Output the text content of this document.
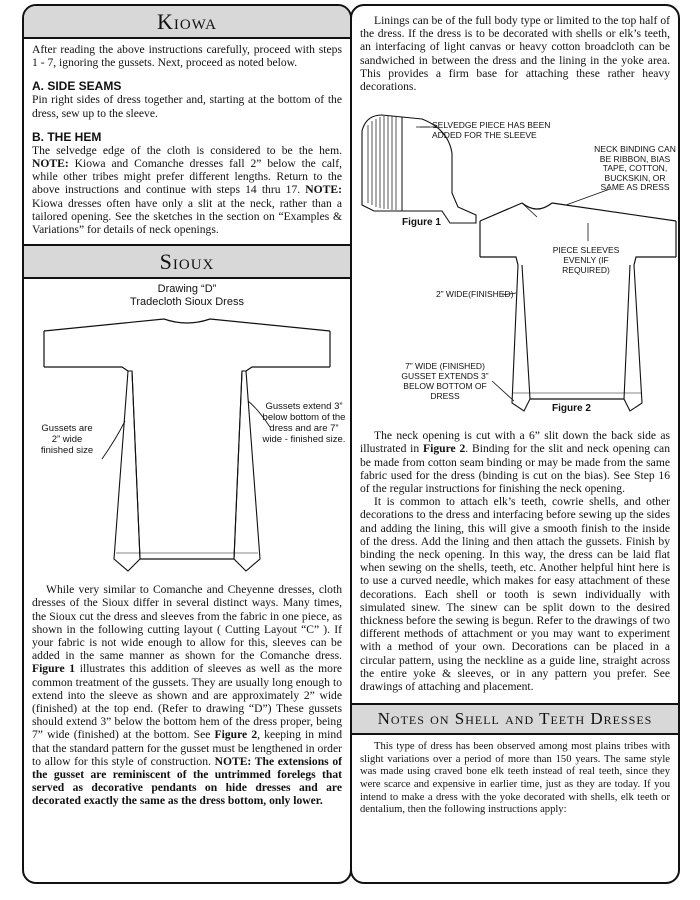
Kiowa

After reading the above instructions carefully, proceed with steps 1 - 7, ignoring the gussets. Next, proceed as noted below.

A. SIDE SEAMS

Pin right sides of dress together and, starting at the bottom of the dress, sew up to the sleeve.

B. THE HEM

The selvedge edge of the cloth is considered to be the hem. NOTE: Kiowa and Comanche dresses fall 2” below the calf, while other tribes might prefer different lengths. Return to the above instructions and continue with steps 14 thru 17. NOTE: Kiowa dresses often have only a slit at the neck, rather than a tailored opening. See the sketches in the section on “Examples & Variations” for details of neck openings.

Sioux

Drawing “D”

Tradecloth Sioux Dress

Gussets are 2” wide finished size
Gussets extend 3” below bottom of the dress and are 7” wide - finished size.

While very similar to Comanche and Cheyenne dresses, cloth dresses of the Sioux differ in several distinct ways. Many times, the Sioux cut the dress and sleeves from the fabric in one piece, as shown in the following cutting layout ( Cutting Layout “C” ). If your fabric is not wide enough to allow for this, sleeves can be added in the same manner as shown for the Comanche dress. Figure 1 illustrates this addition of sleeves as well as the more common treatment of the gussets. They are usually long enough to extend into the sleeve as shown and are approximately 2” wide (finished) at the top end. (Refer to drawing “D”) These gussets should extend 3” below the bottom hem of the dress proper, being 7” wide (finished) at the bottom. See Figure 2, keeping in mind that the standard pattern for the gusset must be lengthened in order to allow for this style of construction. NOTE: The extensions of the gusset are reminiscent of the untrimmed forelegs that served as decorative pendants on hide dresses and are decorated exactly the same as the dress bottom, only lower.

Linings can be of the full body type or limited to the top half of the dress. If the dress is to be decorated with shells or elk’s teeth, an interfacing of light canvas or heavy cotton broadcloth can be sandwiched in between the dress and the lining in the yoke area. This provides a firm base for attaching these rather heavy decorations.

SELVEDGE PIECE HAS BEEN ADDED FOR THE SLEEVE
Figure 1
NECK BINDING CAN BE RIBBON, BIAS TAPE, COTTON, BUCKSKIN, OR SAME AS DRESS
PIECE SLEEVES EVENLY (IF REQUIRED)
2” WIDE(FINISHED)
7” WIDE (FINISHED) GUSSET EXTENDS 3” BELOW BOTTOM OF DRESS
Figure 2

The neck opening is cut with a 6” slit down the back side as illustrated in Figure 2. Binding for the slit and neck opening can be made from cotton seam binding or may be made from the same fabric used for the dress (binding is cut on the bias). See Step 16 of the regular instructions for finishing the neck opening.

It is common to attach elk’s teeth, cowrie shells, and other decorations to the dress and interfacing before sewing up the sides and adding the lining, this will give a smooth finish to the inside of the dress. Add the lining and then attach the gussets. Finish by binding the neck opening. In this way, the dress can be laid flat when sewing on the shells, teeth, etc. Another helpful hint here is to use a curved needle, which makes for easy attachment of these decorations. Each shell or tooth is sewn individually with simulated sinew. The sinew can be split down to the desired thickness before the sewing is begun. Refer to the drawings of two different methods of attachment or you may want to experiment with a method of your own. Decorations can be placed in a circular pattern, using the neckline as a guide line, straight across the entire yoke & sleeves, or in any pattern you prefer. See drawings of attaching and placement.

Notes on Shell and Teeth Dresses

This type of dress has been observed among most plains tribes with slight variations over a period of more than 150 years. The same style was made using craved bone elk teeth instead of real teeth, since they were scarce and expensive in earlier time, just as they are today. If you intend to make a dress with the yoke decorated with shells, elk teeth or dentalium, then the following instructions apply:
